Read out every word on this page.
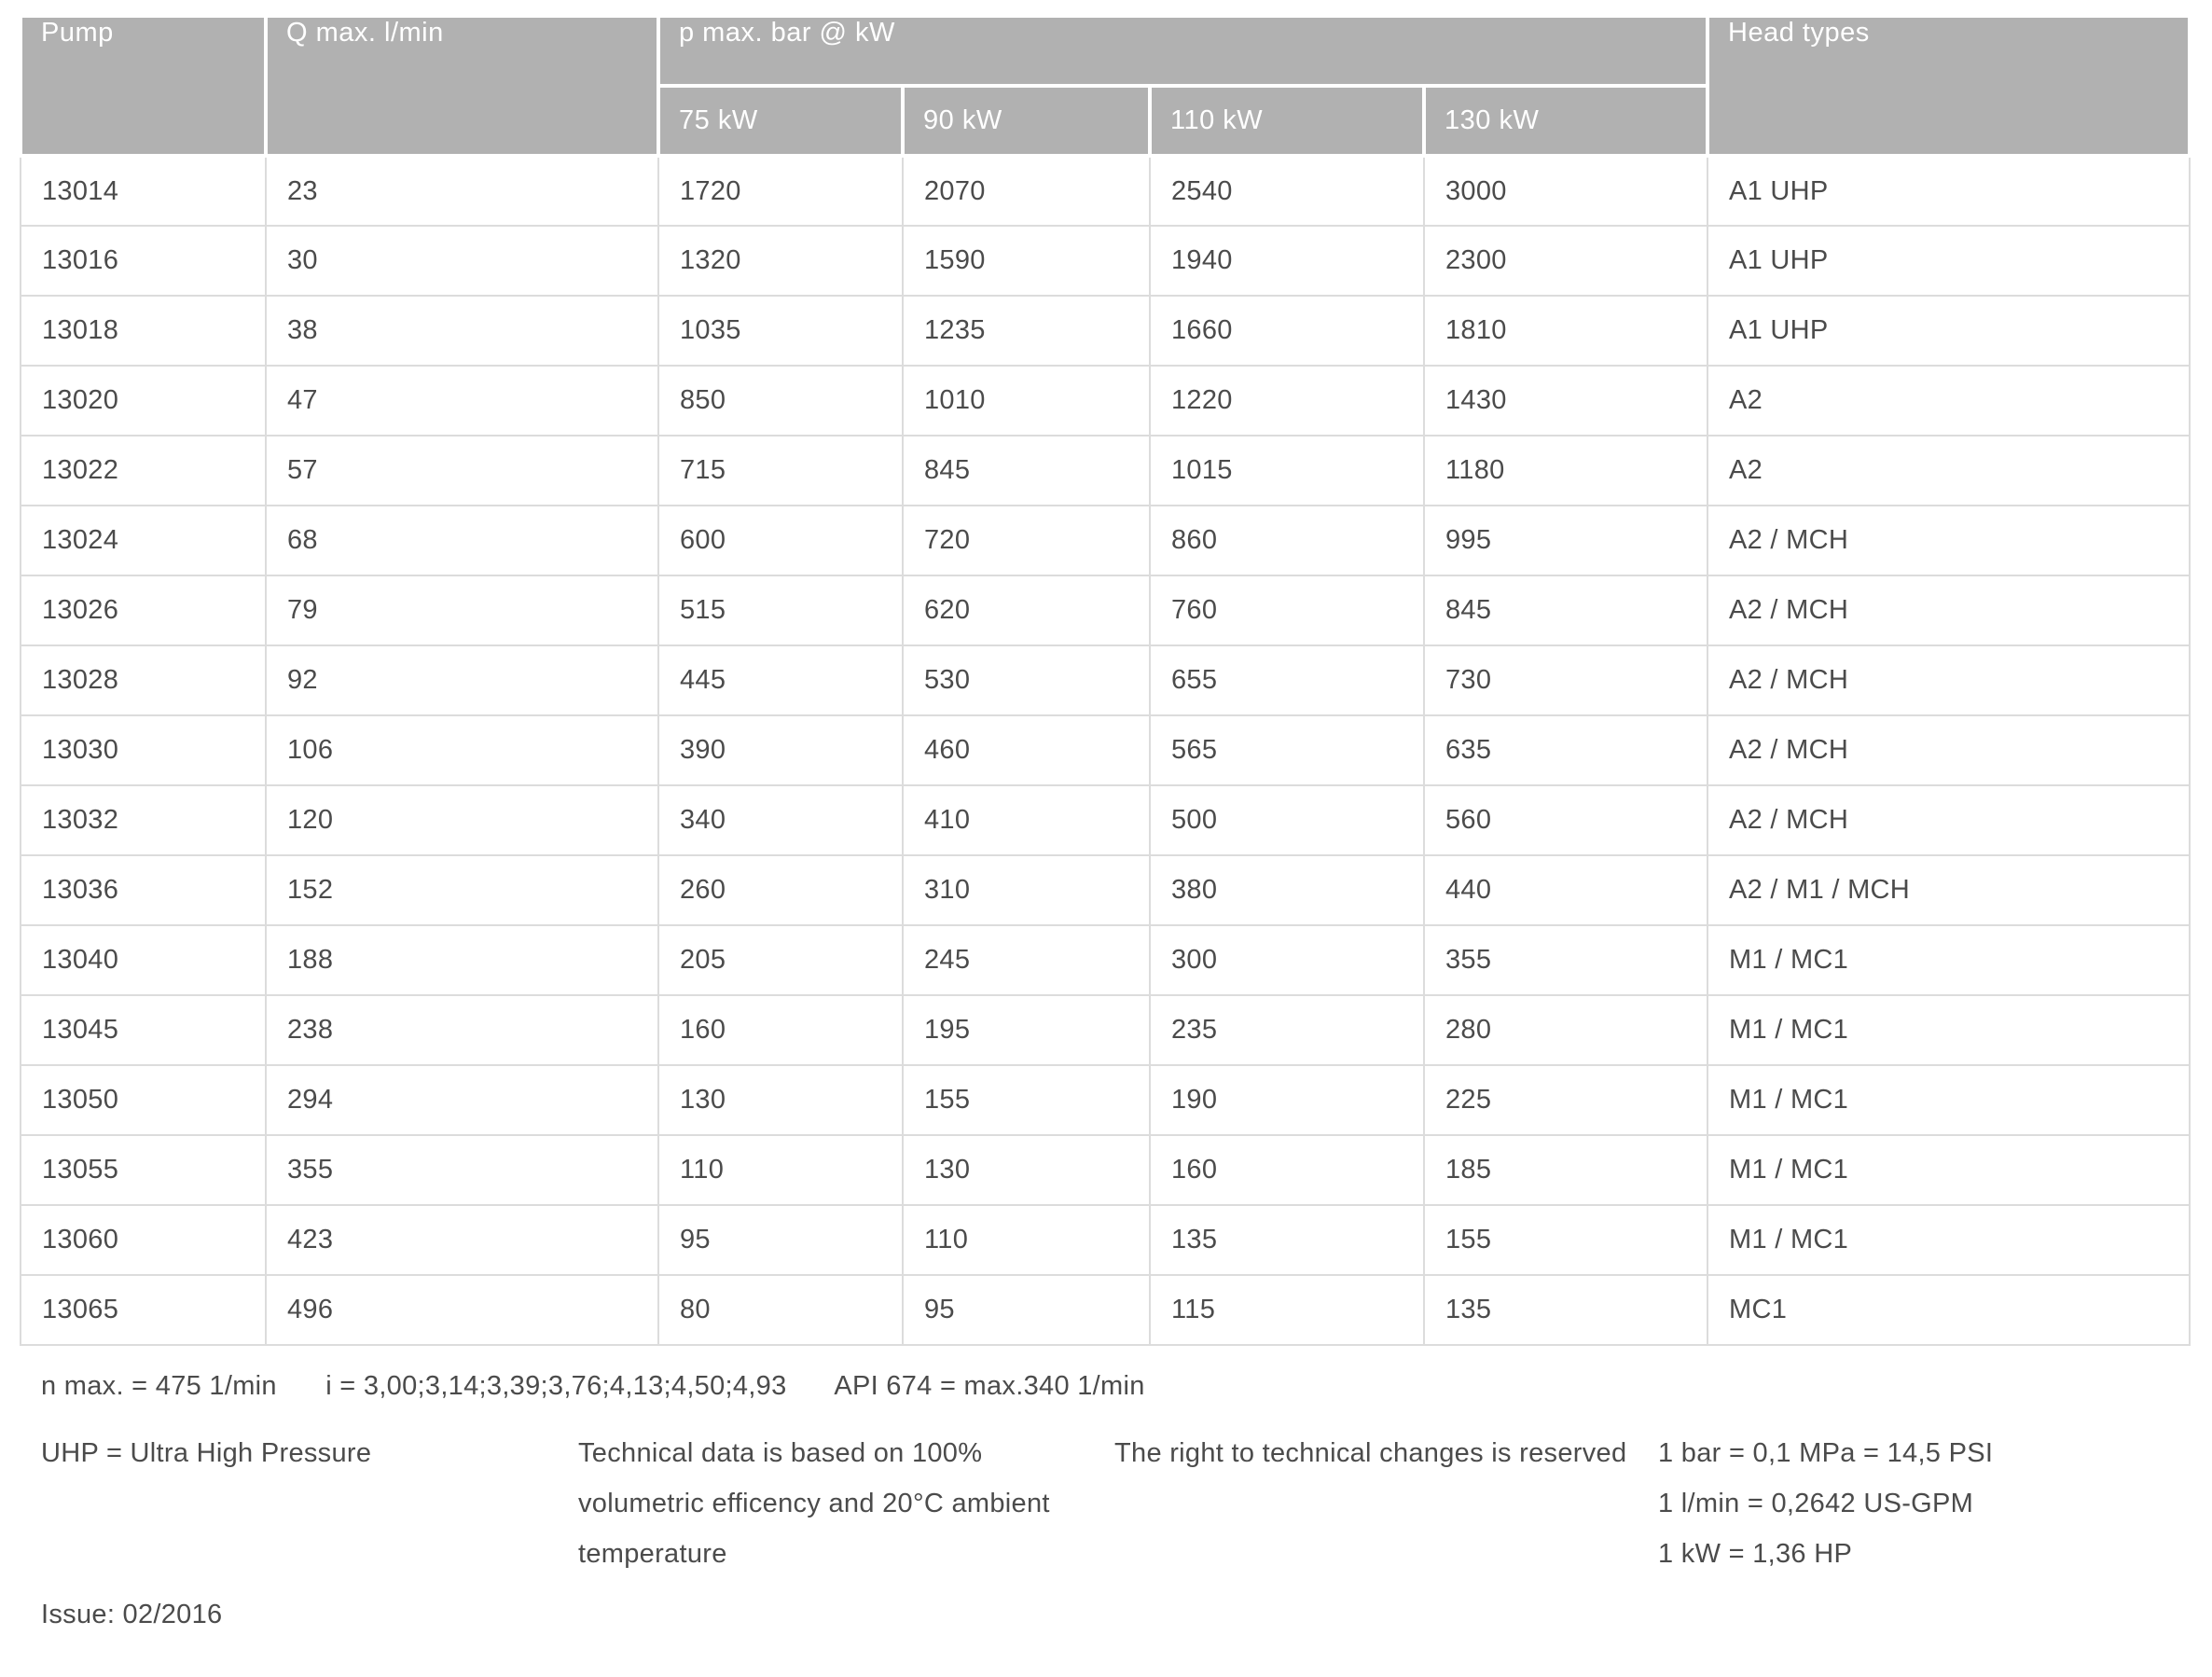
Pump	Q max. l/min	p max. bar @ kW				Head types
		75 kW	90 kW	110 kW	130 kW	
13014	23	1720	2070	2540	3000	A1 UHP
13016	30	1320	1590	1940	2300	A1 UHP
13018	38	1035	1235	1660	1810	A1 UHP
13020	47	850	1010	1220	1430	A2
13022	57	715	845	1015	1180	A2
13024	68	600	720	860	995	A2 / MCH
13026	79	515	620	760	845	A2 / MCH
13028	92	445	530	655	730	A2 / MCH
13030	106	390	460	565	635	A2 / MCH
13032	120	340	410	500	560	A2 / MCH
13036	152	260	310	380	440	A2 / M1 / MCH
13040	188	205	245	300	355	M1 / MC1
13045	238	160	195	235	280	M1 / MC1
13050	294	130	155	190	225	M1 / MC1
13055	355	110	130	160	185	M1 / MC1
13060	423	95	110	135	155	M1 / MC1
13065	496	80	95	115	135	MC1
n max. = 475 1/min i = 3,00;3,14;3,39;3,76;4,13;4,50;4,93 API 674 = max.340 1/min
UHP = Ultra High Pressure	Technical data is based on 100% volumetric efficency and 20°C ambient temperature
The right to technical changes is reserved	1 bar = 0,1 MPa = 14,5 PSI
1 l/min = 0,2642 US-GPM
1 kW = 1,36 HP
Issue: 02/2016
